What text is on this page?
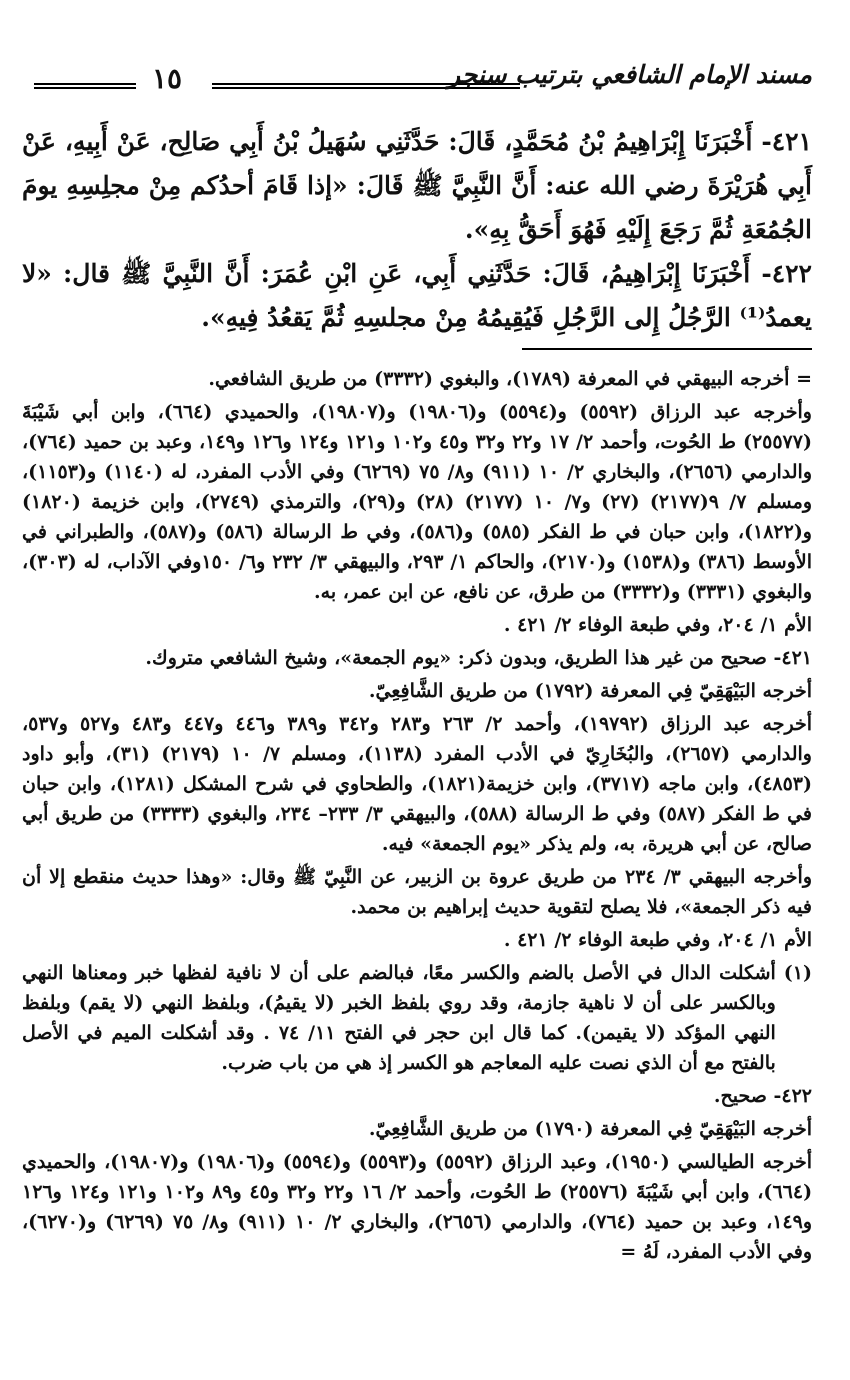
١٥	مسند الإمام الشافعي بترتيب سنجر

٤٢١- أَخْبَرَنَا إِبْرَاهِيمُ بْنُ مُحَمَّدٍ، قَالَ: حَدَّثَنِي سُهَيلُ بْنُ أَبِي صَالِح، عَنْ أَبِيهِ، عَنْ أَبِي هُرَيْرَةَ رضي الله عنه: أَنَّ النَّبِيَّ ﷺ قَالَ: «إذا قَامَ أحدُكم مِنْ مجلِسِهِ يومَ الجُمُعَةِ ثُمَّ رَجَعَ إِلَيْهِ فَهُوَ أَحَقُّ بِهِ».

٤٢٢- أَخْبَرَنَا إِبْرَاهِيمُ، قَالَ: حَدَّثَنِي أَبِي، عَنِ ابْنِ عُمَرَ: أَنَّ النَّبِيَّ ﷺ قال: «لا يعمدُ⁽¹⁾ الرَّجُلُ إِلى الرَّجُلِ فَيُقِيمُهُ مِنْ مجلسِهِ ثُمَّ يَقعُدُ فِيهِ».

= أخرجه البيهقي في المعرفة (١٧٨٩)، والبغوي (٣٣٣٢) من طريق الشافعي.

وأخرجه عبد الرزاق (٥٥٩٢) و(٥٥٩٤) و(١٩٨٠٦) و(١٩٨٠٧)، والحميدي (٦٦٤)، وابن أبي شَيْبَةَ (٢٥٥٧٧) ط الحُوت، وأحمد ٢/ ١٧ و٢٢ و٣٢ و٤٥ و١٠٢ و١٢١ و١٢٤ و١٢٦ و١٤٩، وعبد بن حميد (٧٦٤)، والدارمي (٢٦٥٦)، والبخاري ٢/ ١٠ (٩١١) و٨/ ٧٥ (٦٢٦٩) وفي الأدب المفرد، له (١١٤٠) و(١١٥٣)، ومسلم ٧/ ٩(٢١٧٧) (٢٧) و٧/ ١٠ (٢١٧٧) (٢٨) و(٢٩)، والترمذي (٢٧٤٩)، وابن خزيمة (١٨٢٠) و(١٨٢٢)، وابن حبان في ط الفكر (٥٨٥) و(٥٨٦)، وفي ط الرسالة (٥٨٦) و(٥٨٧)، والطبراني في الأوسط (٣٨٦) و(١٥٣٨) و(٢١٧٠)، والحاكم ١/ ٢٩٣، والبيهقي ٣/ ٢٣٢ و٦/ ١٥٠وفي الآداب، له (٣٠٣)، والبغوي (٣٣٣١) و(٣٣٣٢) من طرق، عن نافع، عن ابن عمر، به.

الأم ١/ ٢٠٤، وفي طبعة الوفاء ٢/ ٤٢١ .

٤٢١- صحيح من غير هذا الطريق، وبدون ذكر: «يوم الجمعة»، وشيخ الشافعي متروك.

أخرجه البَيْهَقِيّ فِي المعرفة (١٧٩٢) من طريق الشَّافِعِيّ.

أخرجه عبد الرزاق (١٩٧٩٢)، وأحمد ٢/ ٢٦٣ و٢٨٣ و٣٤٢ و٣٨٩ و٤٤٦ و٤٤٧ و٤٨٣ و٥٢٧ و٥٣٧، والدارمي (٢٦٥٧)، والبُخَارِيّ في الأدب المفرد (١١٣٨)، ومسلم ٧/ ١٠ (٢١٧٩) (٣١)، وأبو داود (٤٨٥٣)، وابن ماجه (٣٧١٧)، وابن خزيمة(١٨٢١)، والطحاوي في شرح المشكل (١٢٨١)، وابن حبان في ط الفكر (٥٨٧) وفي ط الرسالة (٥٨٨)، والبيهقي ٣/ ٢٣٣– ٢٣٤، والبغوي (٣٣٣٣) من طريق أبي صالح، عن أبي هريرة، به، ولم يذكر «يوم الجمعة» فيه.

وأخرجه البيهقي ٣/ ٢٣٤ من طريق عروة بن الزبير، عن النَّبِيّ ﷺ وقال: «وهذا حديث منقطع إلا أن فيه ذكر الجمعة»، فلا يصلح لتقوية حديث إبراهيم بن محمد.

الأم ١/ ٢٠٤، وفي طبعة الوفاء ٢/ ٤٢١ .

(١)

أشكلت الدال في الأصل بالضم والكسر معًا، فبالضم على أن لا نافية لفظها خبر ومعناها النهي وبالكسر على أن لا ناهية جازمة، وقد روي بلفظ الخبر (لا يقيمُ)، وبلفظ النهي (لا يقم) وبلفظ النهي المؤكد (لا يقيمن). كما قال ابن حجر في الفتح ١١/ ٧٤ . وقد أشكلت الميم في الأصل بالفتح مع أن الذي نصت عليه المعاجم هو الكسر إذ هي من باب ضرب.

٤٢٢- صحيح.

أخرجه البَيْهَقِيّ فِي المعرفة (١٧٩٠) من طريق الشَّافِعِيّ.

أخرجه الطيالسي (١٩٥٠)، وعبد الرزاق (٥٥٩٢) و(٥٥٩٣) و(٥٥٩٤) و(١٩٨٠٦) و(١٩٨٠٧)، والحميدي (٦٦٤)، وابن أبي شَيْبَةَ (٢٥٥٧٦) ط الحُوت، وأحمد ٢/ ١٦ و٢٢ و٣٢ و٤٥ و٨٩ و١٠٢ و١٢١ و١٢٤ و١٢٦ و١٤٩، وعبد بن حميد (٧٦٤)، والدارمي (٢٦٥٦)، والبخاري ٢/ ١٠ (٩١١) و٨/ ٧٥ (٦٢٦٩) و(٦٢٧٠)، وفي الأدب المفرد، لَهُ =
